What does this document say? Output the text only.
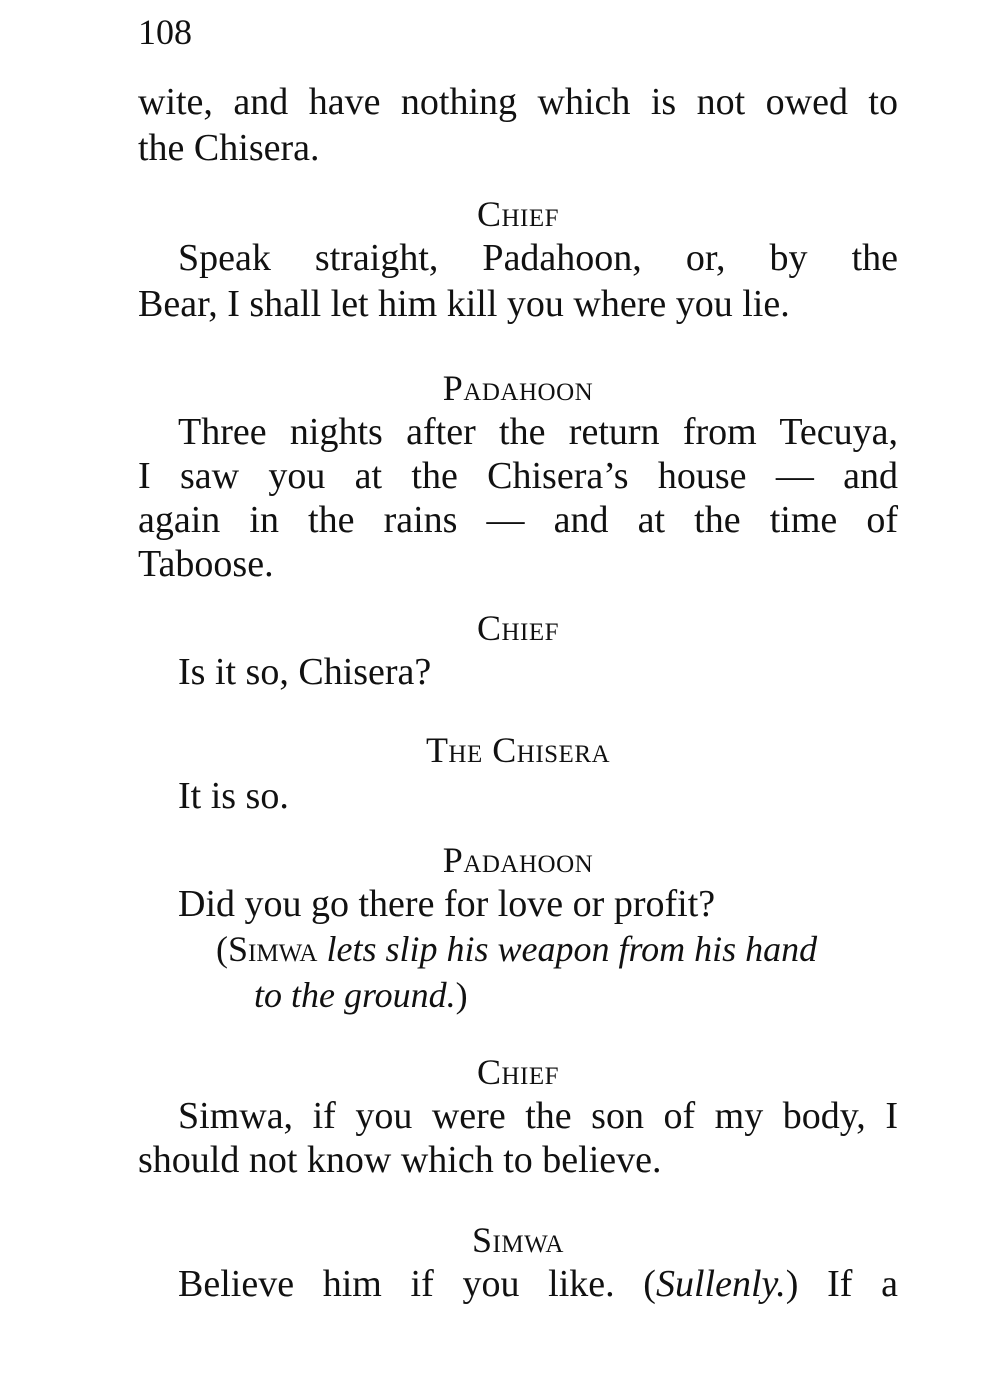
108
wite, and have nothing which is not owed to
the Chisera.
Chief
Speak straight, Padahoon, or, by the
Bear, I shall let him kill you where you lie.
Padahoon
Three nights after the return from Tecuya,
I saw you at the Chisera’s house — and
again in the rains — and at the time of
Taboose.
Chief
Is it so, Chisera?
The Chisera
It is so.
Padahoon
Did you go there for love or profit?
(Simwa lets slip his weapon from his hand
to the ground.)
Chief
Simwa, if you were the son of my body, I
should not know which to believe.
Simwa
Believe him if you like. (Sullenly.) If a
